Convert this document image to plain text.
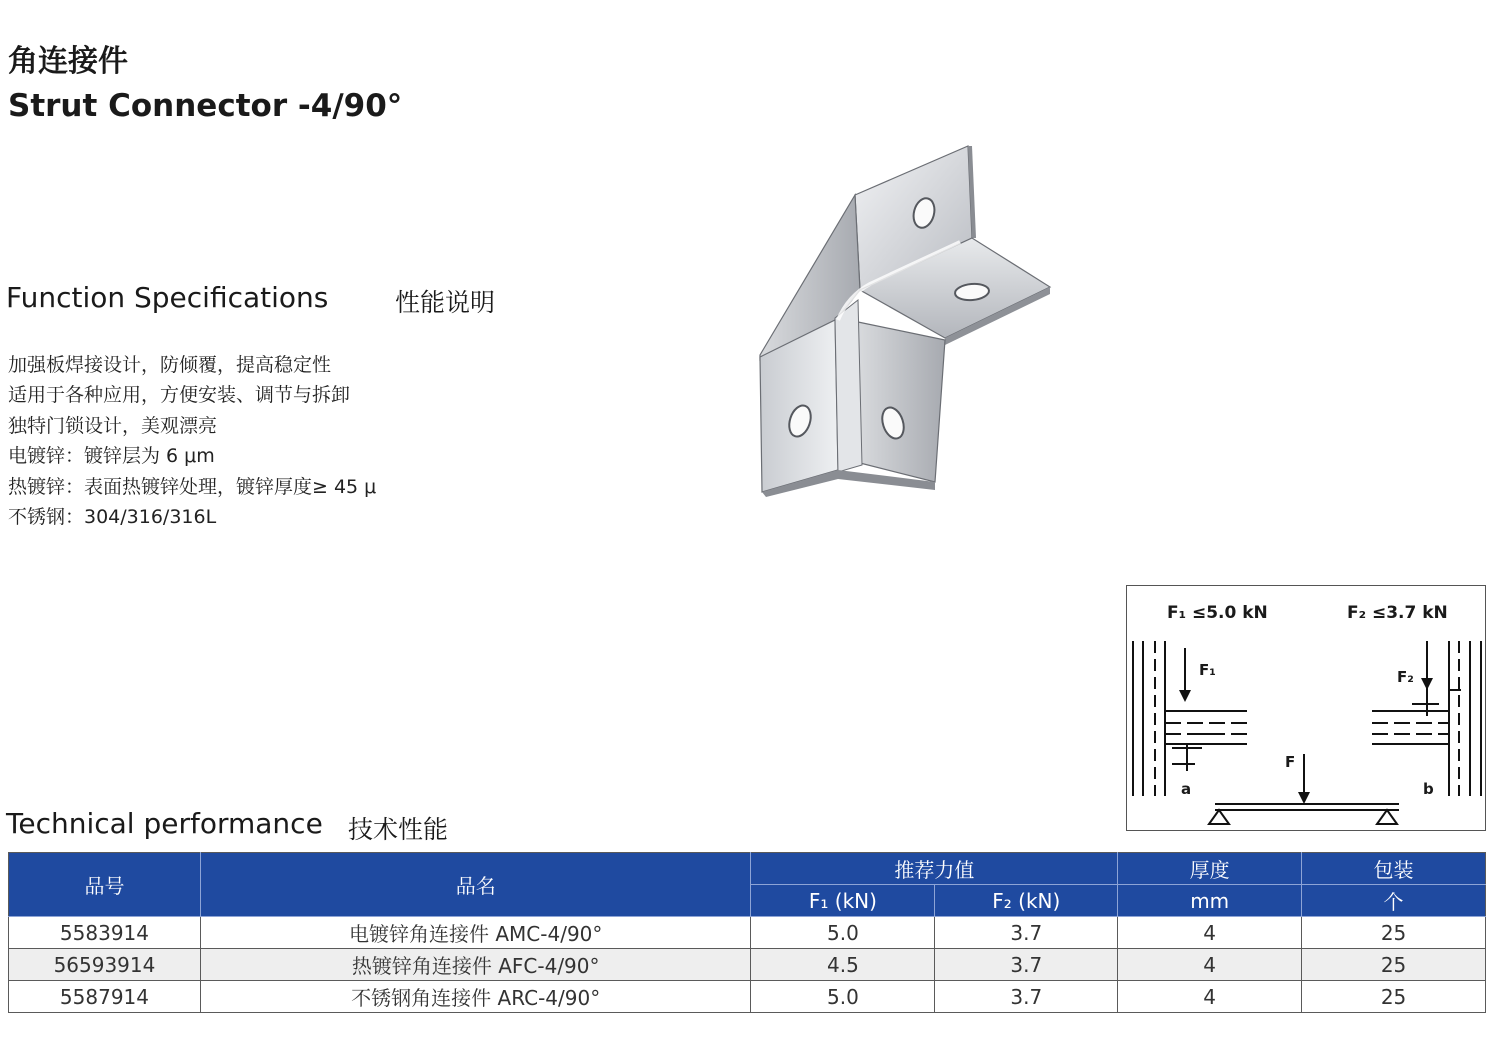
角连接件
Strut Connector -4/90°
Function Specifications	性能说明
加强板焊接设计，防倾覆，提高稳定性
适用于各种应用，方便安装、调节与拆卸
独特门锁设计，美观漂亮
电镀锌：镀锌层为 6 μm
热镀锌：表面热镀锌处理，镀锌厚度≥ 45 μ
不锈钢：304/316/316L
F₁ ≤5.0 kN	F₂ ≤3.7 kN
F₁	F₂
F
a	b
Technical performance 技术性能
品号	品名	推荐力值		厚度	包装
		F₁ (kN)	F₂ (kN)	mm	个
5583914	电镀锌角连接件 AMC-4/90°	5.0	3.7	4	25
56593914	热镀锌角连接件 AFC-4/90°	4.5	3.7	4	25
5587914	不锈钢角连接件 ARC-4/90°	5.0	3.7	4	25
